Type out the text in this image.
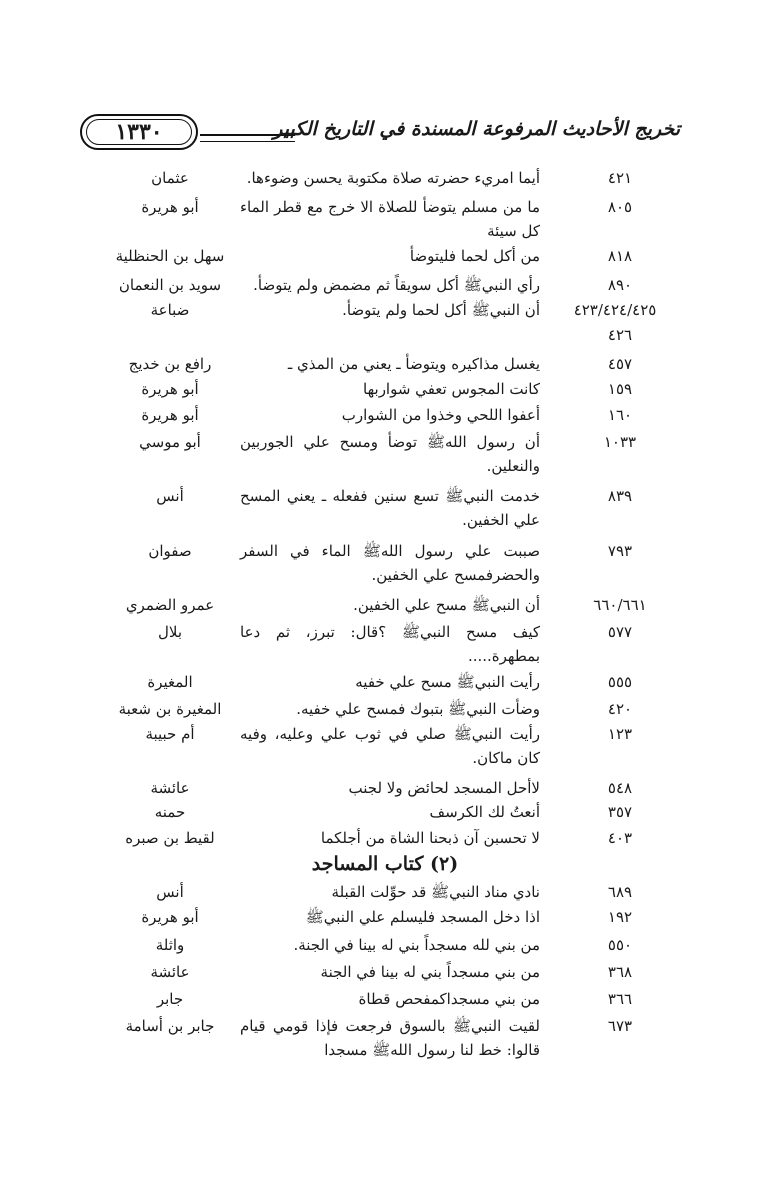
١٣٣٠	تخريج الأحاديث المرفوعة المسندة في التاريخ الكبير
٤٢١
أيما امريء حضرته صلاة مكتوبة يحسن وضوءها.
عثمان
٨٠٥
ما من مسلم يتوضأ للصلاة الا خرج مع قطر الماء كل سيئة
أبو هريرة
٨١٨
من أكل لحما فليتوضأ
سهل بن الحنظلية
٨٩٠
رأي النبيﷺ أكل سويقاً ثم مضمض ولم يتوضأ.
سويد بن النعمان
٤٢٣/٤٢٤/٤٢٥
أن النبيﷺ أكل لحما ولم يتوضأ.
ضباعة
٤٢٦
٤٥٧
يغسل مذاكيره ويتوضأ ـ يعني من المذي ـ
رافع بن خديج
١٥٩
كانت المجوس تعفي شواربها
أبو هريرة
١٦٠
أعفوا اللحي وخذوا من الشوارب
أبو هريرة
١٠٣٣
أن رسول اللهﷺ توضأ ومسح علي الجوربين والنعلين.
أبو موسي
٨٣٩
خدمت النبيﷺ تسع سنين ففعله ـ يعني المسح علي الخفين.
أنس
٧٩٣
صببت علي رسول اللهﷺ الماء في السفر والحضرفمسح علي الخفين.
صفوان
٦٦٠/٦٦١
أن النبيﷺ مسح علي الخفين.
عمرو الضمري
٥٧٧
كيف مسح النبيﷺ ؟قال: تبرز، ثم دعا بمطهرة.....
بلال
٥٥٥
رأيت النبيﷺ مسح علي خفيه
المغيرة
٤٢٠
وضأت النبيﷺ بتبوك فمسح علي خفيه.
المغيرة بن شعبة
١٢٣
رأيت النبيﷺ صلي في ثوب علي وعليه، وفيه كان ماكان.
أم حبيبة
٥٤٨
لاأحل المسجد لحائض ولا لجنب
عائشة
٣٥٧
أنعتُ لك الكرسف
حمنه
٤٠٣
لا تحسبن آن ذبحنا الشاة من أجلكما
لقيط بن صبره
(٢) كتاب المساجد
٦٨٩
نادي مناد النبيﷺ قد حوِّلت القبلة
أنس
١٩٢
اذا دخل المسجد فليسلم علي النبيﷺ
أبو هريرة
٥٥٠
من بني لله مسجداً بني له بينا في الجنة.
واثلة
٣٦٨
من بني مسجداً بني له بينا في الجنة
عائشة
٣٦٦
من بني مسجداكمفحص قطاة
جابر
٦٧٣
لقيت النبيﷺ بالسوق فرجعت فإذا قومي قيام قالوا: خط لنا رسول اللهﷺ مسجدا
جابر بن أسامة
